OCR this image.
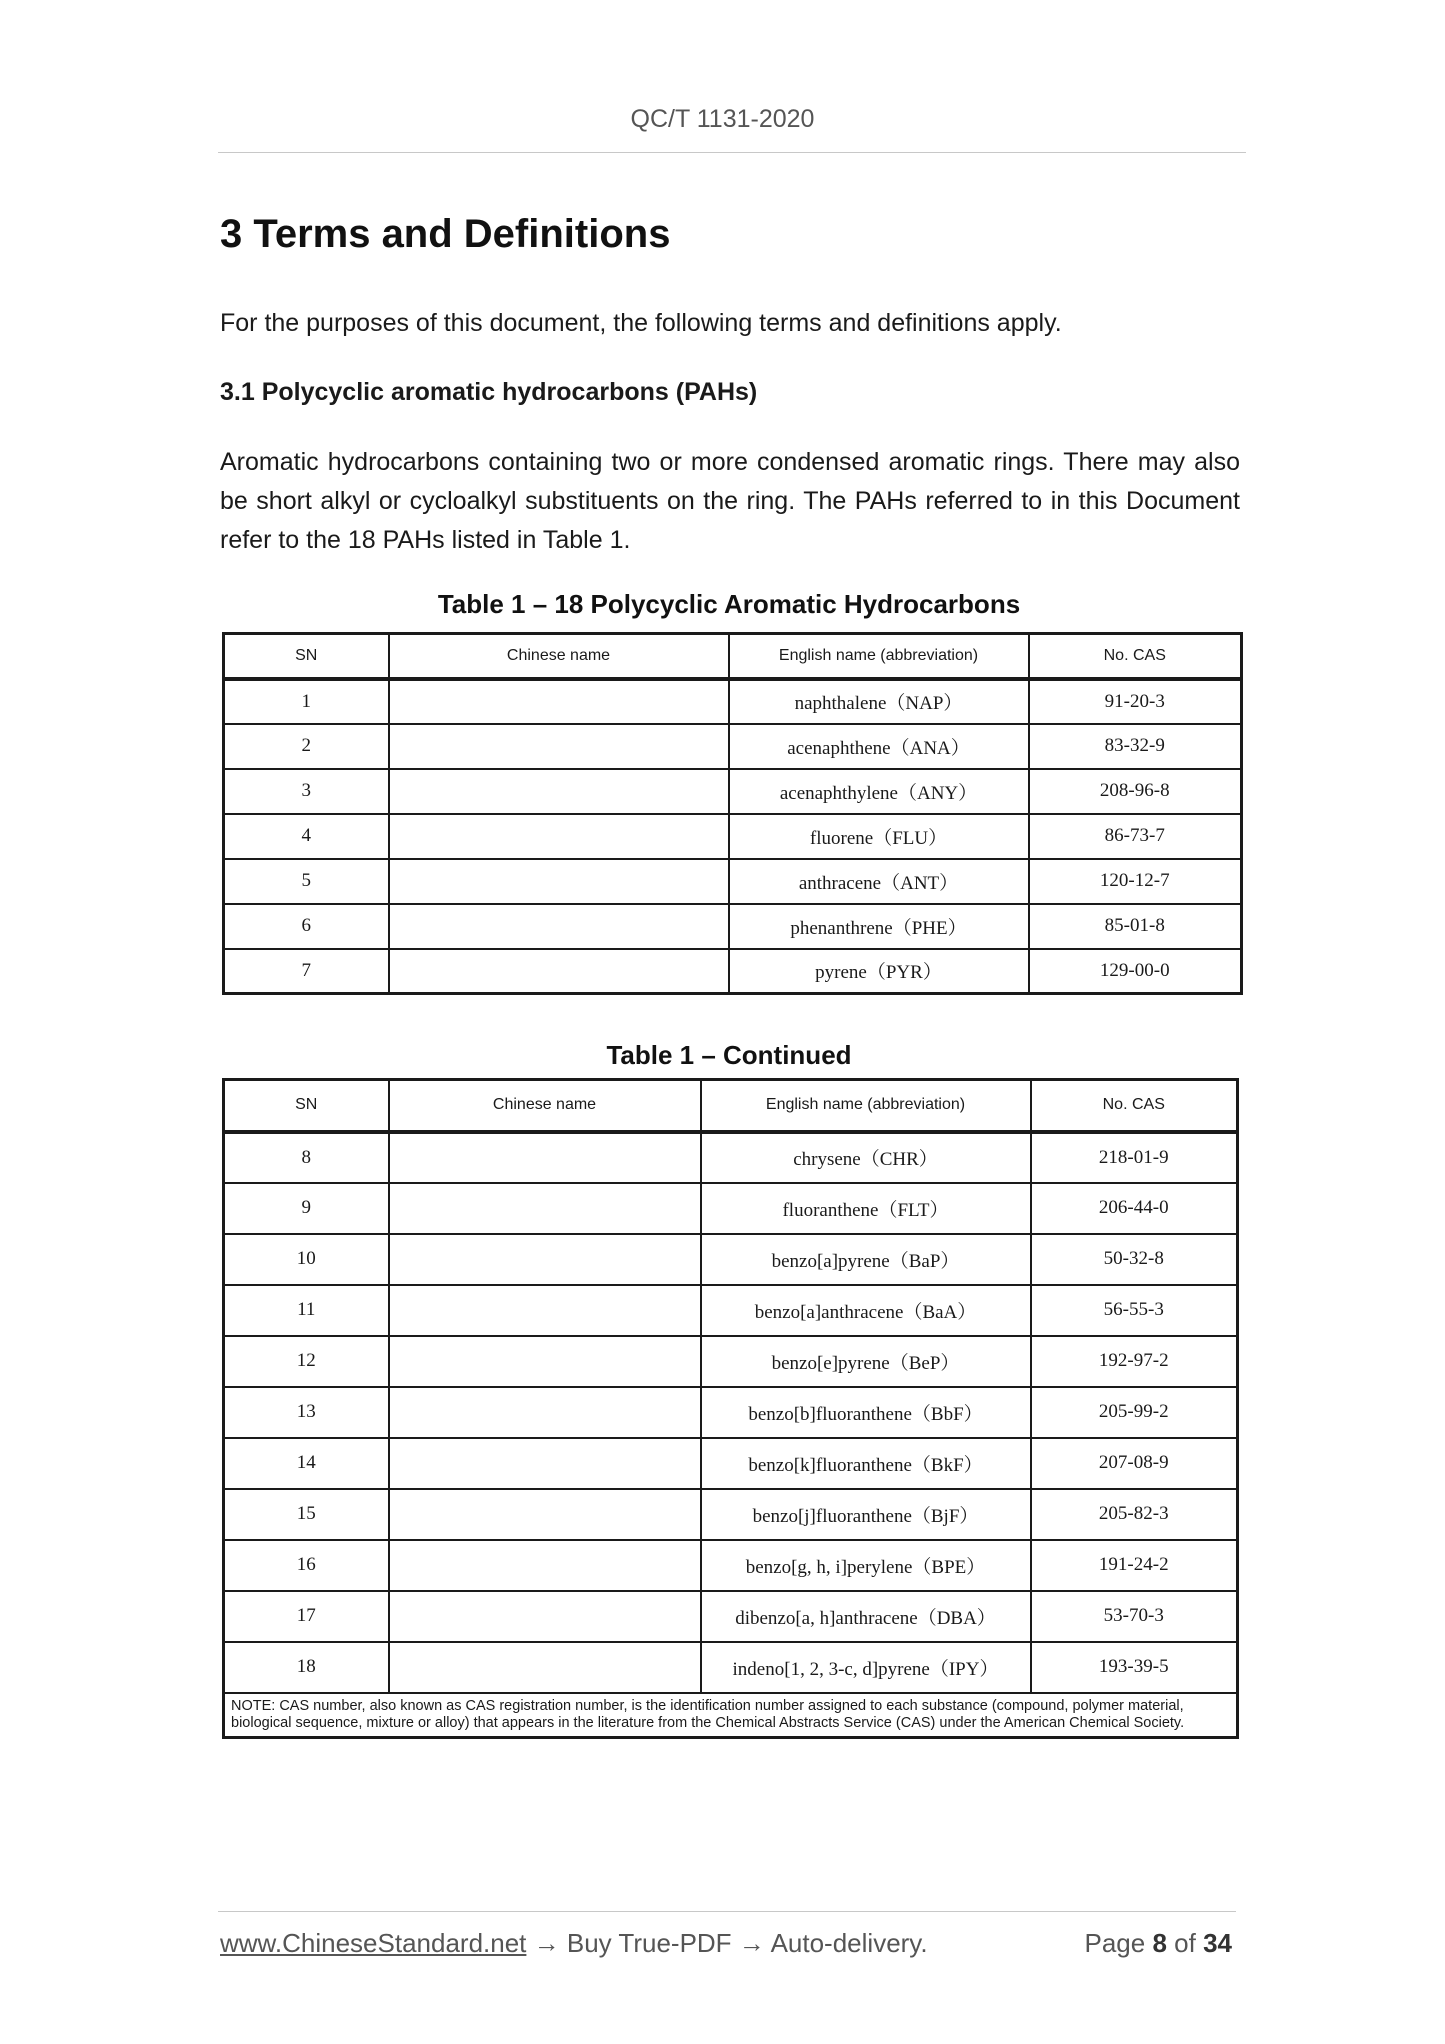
QC/T 1131-2020
3 Terms and Definitions

For the purposes of this document, the following terms and definitions apply.

3.1 Polycyclic aromatic hydrocarbons (PAHs)

Aromatic hydrocarbons containing two or more condensed aromatic rings. There may also be short alkyl or cycloalkyl substituents on the ring. The PAHs referred to in this Document refer to the 18 PAHs listed in Table 1.

Table 1 – 18 Polycyclic Aromatic Hydrocarbons
SN	Chinese name	English name (abbreviation)	No. CAS
1		naphthalene（NAP）	91-20-3
2		acenaphthene（ANA）	83-32-9
3		acenaphthylene（ANY）	208-96-8
4		fluorene（FLU）	86-73-7
5		anthracene（ANT）	120-12-7
6		phenanthrene（PHE）	85-01-8
7		pyrene（PYR）	129-00-0
Table 1 – Continued
SN	Chinese name	English name (abbreviation)	No. CAS
8		chrysene（CHR）	218-01-9
9		fluoranthene（FLT）	206-44-0
10		benzo[a]pyrene（BaP）	50-32-8
11		benzo[a]anthracene（BaA）	56-55-3
12		benzo[e]pyrene（BeP）	192-97-2
13		benzo[b]fluoranthene（BbF）	205-99-2
14		benzo[k]fluoranthene（BkF）	207-08-9
15		benzo[j]fluoranthene（BjF）	205-82-3
16		benzo[g, h, i]perylene（BPE）	191-24-2
17		dibenzo[a, h]anthracene（DBA）	53-70-3
18		indeno[1, 2, 3-c, d]pyrene（IPY）	193-39-5
NOTE: CAS number, also known as CAS registration number, is the identification number assigned to each substance (compound, polymer material, biological sequence, mixture or alloy) that appears in the literature from the Chemical Abstracts Service (CAS) under the American Chemical Society.			
www.ChineseStandard.net → Buy True-PDF → Auto-delivery.	Page 8 of 34
